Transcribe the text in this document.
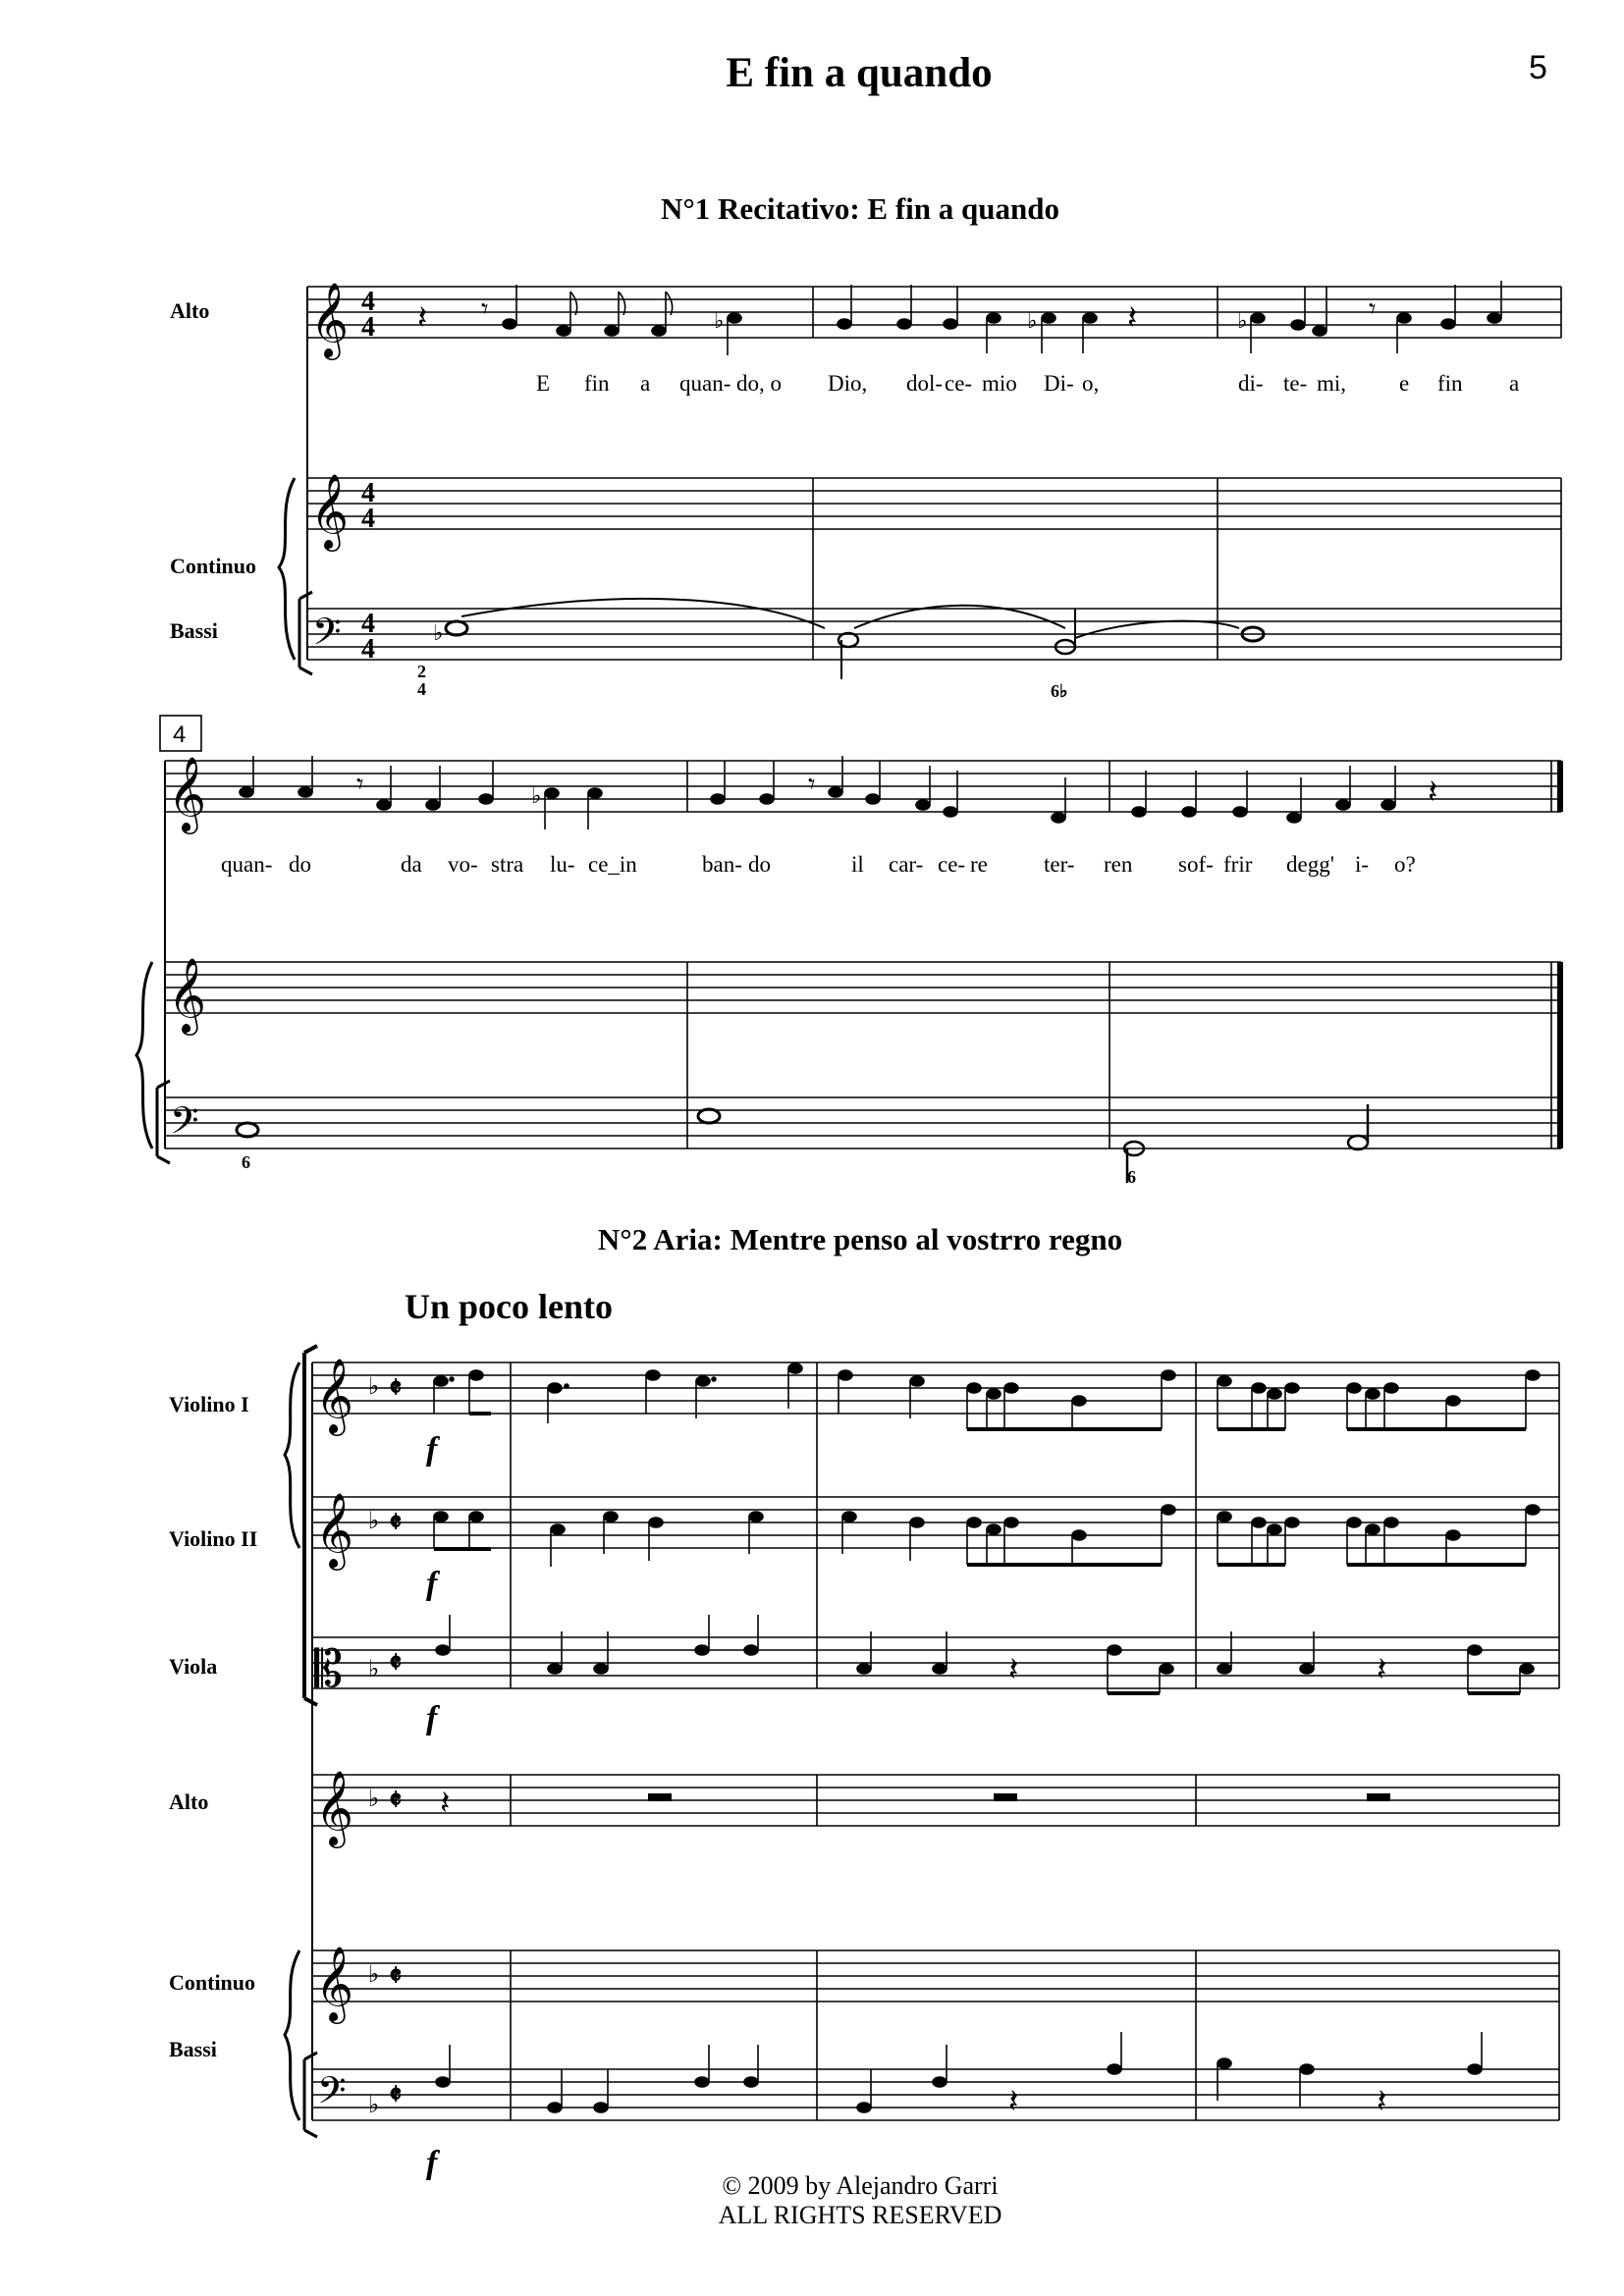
E fin a quando	5
N°1 Recitativo: E fin a quando
N°2 Aria: Mentre penso al vostrro regno
Un poco lento
Alto
Continuo
Bassi
Violino I
Violino II
Viola
Alto
Continuo
Bassi
© 2009 by Alejandro Garri
ALL RIGHTS RESERVED
𝄞
𝄞
𝄢
4
4
4
4
4
4
𝄽 𝄾	♭	♭	𝄽	♭	𝄾
E fin a quan- do, o Dio, dol- ce- mio Di- o,	di- te- mi, e fin a
♭
2
4	6♭
4
𝄞
𝄞
𝄢
𝄾	♭	𝄾	𝄽
quan- do	da vo- stra lu- ce_in	ban- do	il car- ce- re ter- ren sof- frir degg' i- o?
6
6
𝄞
𝄞
𝄡
𝄞
𝄞
𝄢
♭
♭
♭
♭
♭
♭
𝄵
𝄵
𝄵
𝄵
𝄵
𝄵
𝄽	𝄽
𝄽
𝄽	𝄽
f
f
f
f
